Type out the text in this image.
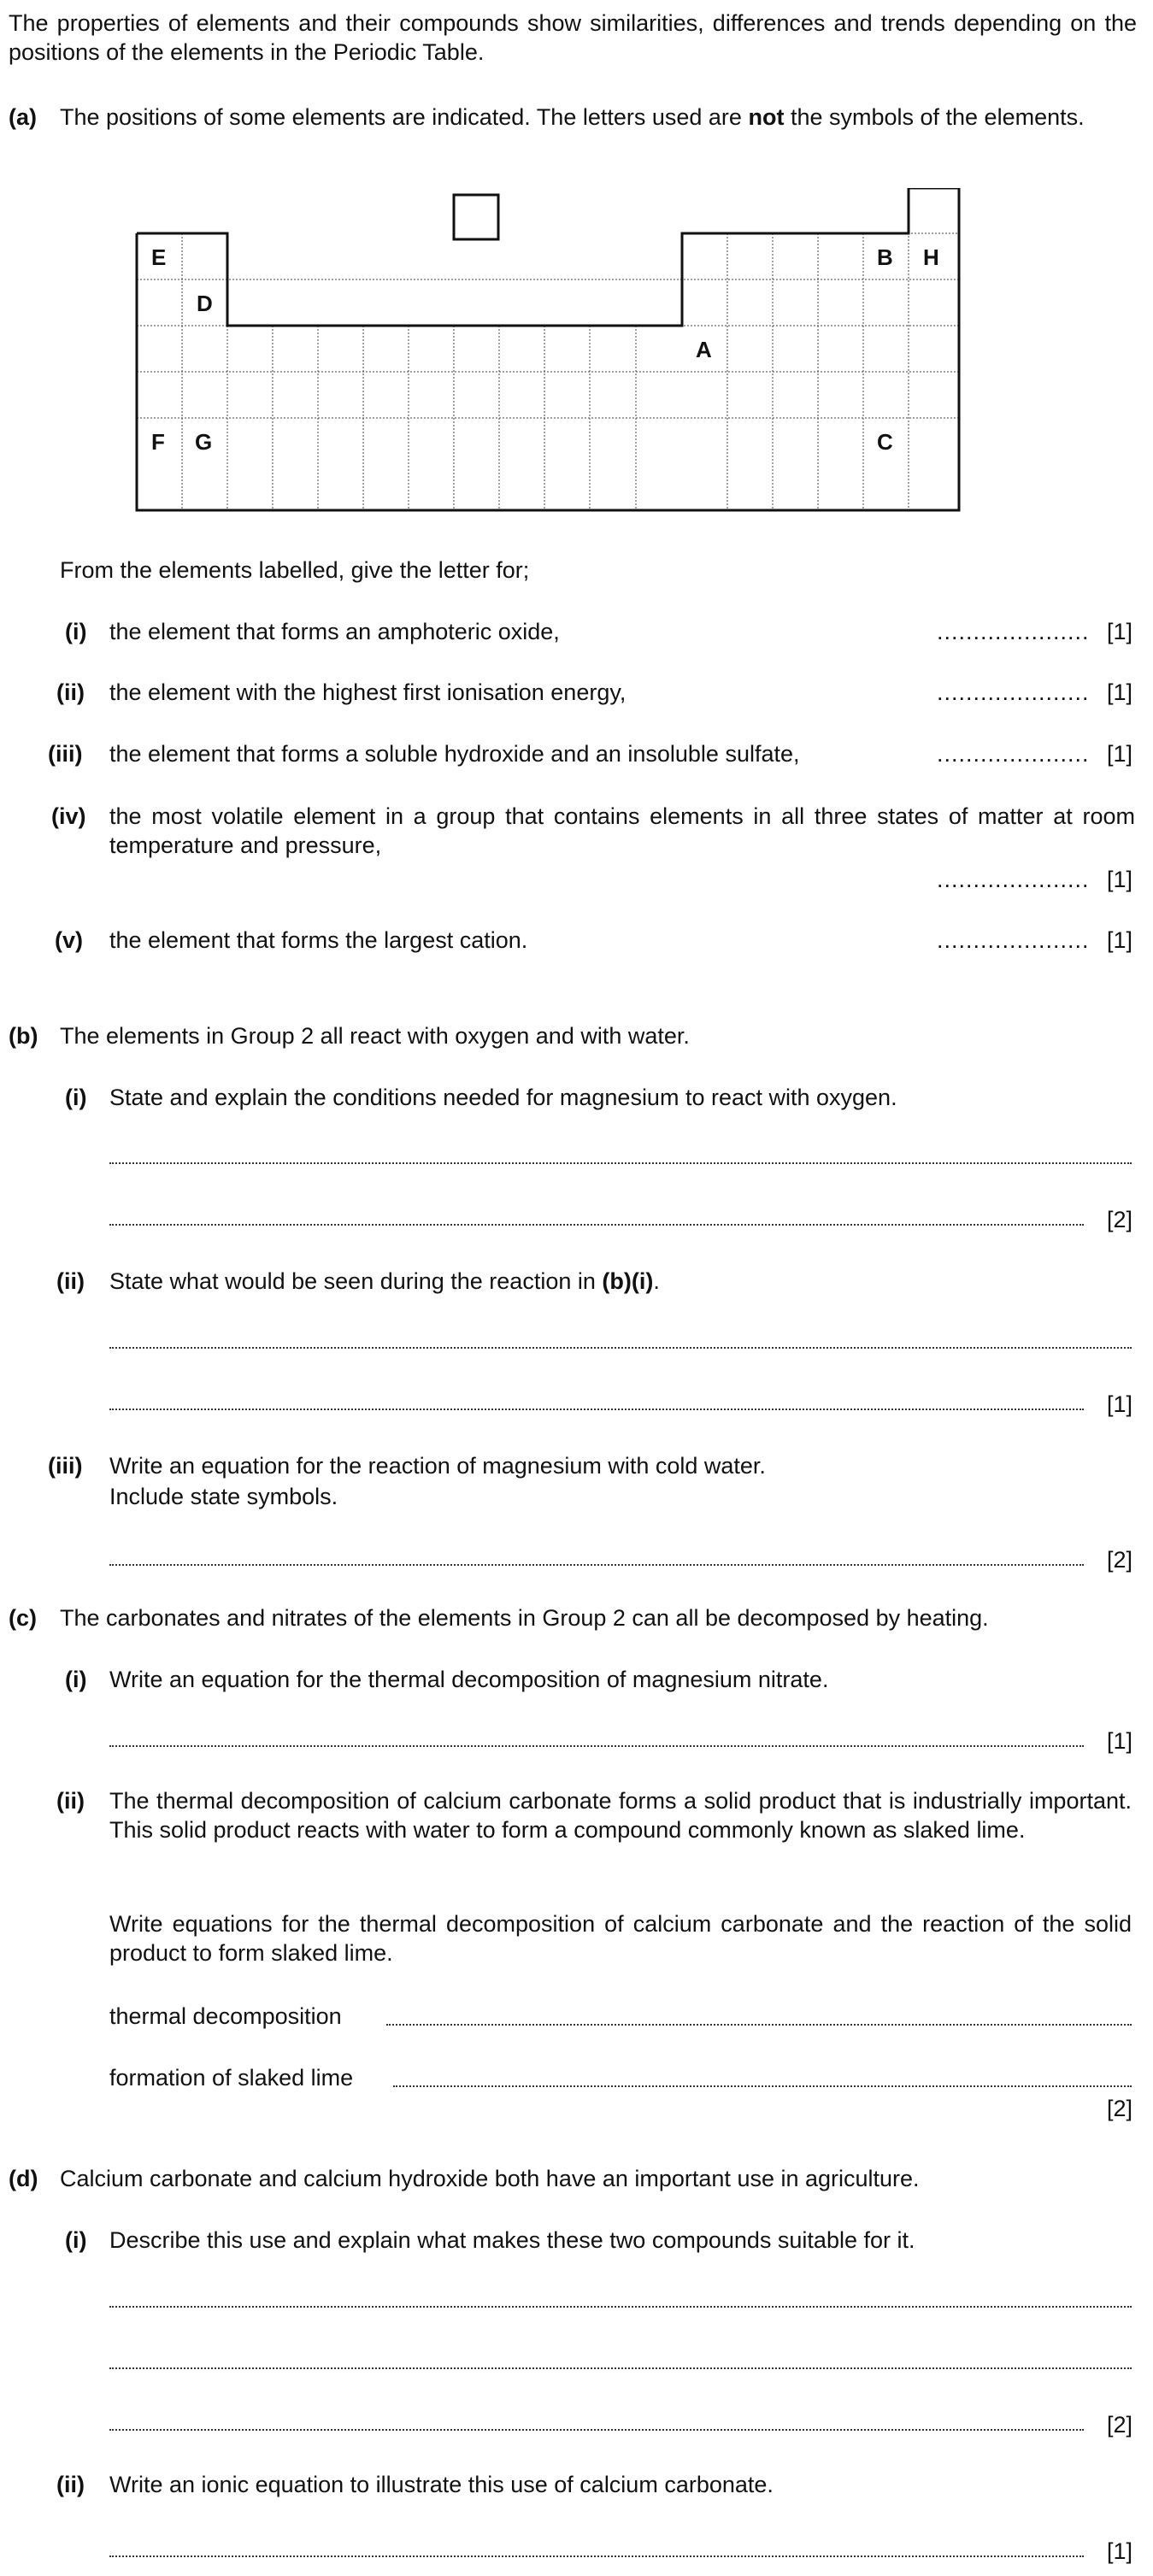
The properties of elements and their compounds show similarities, differences and trends depending on the positions of the elements in the Periodic Table.
(a) The positions of some elements are indicated. The letters used are not the symbols of the elements.
E
D
A
B H
F G	C
From the elements labelled, give the letter for;
(i) the element that forms an amphoteric oxide,	..................... [1]
(ii) the element with the highest first ionisation energy,	..................... [1]
(iii) the element that forms a soluble hydroxide and an insoluble sulfate,	..................... [1]
(iv) the most volatile element in a group that contains elements in all three states of matter at room temperature and pressure,
..................... [1]
(v) the element that forms the largest cation.	..................... [1]
(b) The elements in Group 2 all react with oxygen and with water.
(i) State and explain the conditions needed for magnesium to react with oxygen.
[2]
(ii) State what would be seen during the reaction in (b)(i).
[1]
(iii) Write an equation for the reaction of magnesium with cold water.
Include state symbols.
[2]
(c) The carbonates and nitrates of the elements in Group 2 can all be decomposed by heating.
(i) Write an equation for the thermal decomposition of magnesium nitrate.
[1]
(ii) The thermal decomposition of calcium carbonate forms a solid product that is industrially important. This solid product reacts with water to form a compound commonly known as slaked lime.
Write equations for the thermal decomposition of calcium carbonate and the reaction of the solid product to form slaked lime.
thermal decomposition
formation of slaked lime
[2]
(d) Calcium carbonate and calcium hydroxide both have an important use in agriculture.
(i) Describe this use and explain what makes these two compounds suitable for it.
[2]
(ii) Write an ionic equation to illustrate this use of calcium carbonate.
[1]
